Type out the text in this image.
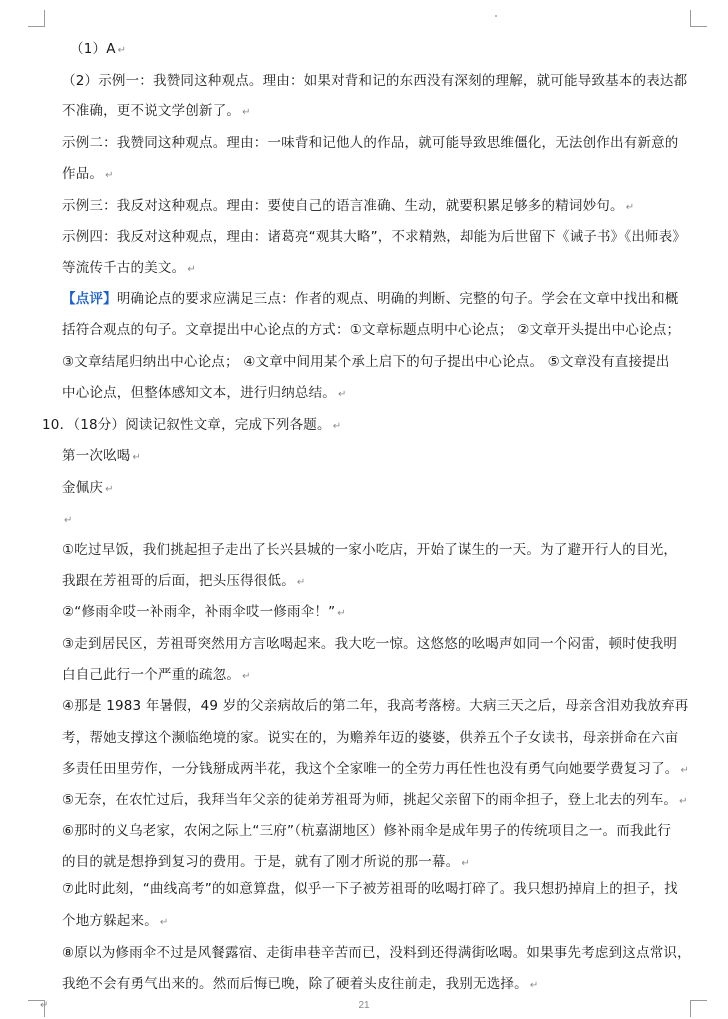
（1）A ↵
（2）示例一：我赞同这种观点。理由：如果对背和记的东西没有深刻的理解，就可能导致基本的表达都
不准确，更不说文学创新了。 ↵
示例二：我赞同这种观点。理由：一味背和记他人的作品，就可能导致思维僵化，无法创作出有新意的
作品。 ↵
示例三：我反对这种观点。理由：要使自己的语言准确、生动，就要积累足够多的精词妙句。 ↵
示例四：我反对这种观点，理由：诸葛亮“观其大略”，不求精熟，却能为后世留下《诫子书》《出师表》
等流传千古的美文。 ↵
【点评】明确论点的要求应满足三点：作者的观点、明确的判断、完整的句子。学会在文章中找出和概
括符合观点的句子。文章提出中心论点的方式：①文章标题点明中心论点； ②文章开头提出中心论点；
③文章结尾归纳出中心论点； ④文章中间用某个承上启下的句子提出中心论点。 ⑤文章没有直接提出
中心论点，但整体感知文本，进行归纳总结。 ↵
10．（18分）阅读记叙性文章，完成下列各题。 ↵
第一次吆喝 ↵
金佩庆 ↵
↵
①吃过早饭，我们挑起担子走出了长兴县城的一家小吃店，开始了谋生的一天。为了避开行人的目光，
我跟在芳祖哥的后面，把头压得很低。 ↵
②“修雨伞哎一补雨伞，补雨伞哎一修雨伞！” ↵
③走到居民区，芳祖哥突然用方言吆喝起来。我大吃一惊。这悠悠的吆喝声如同一个闷雷，顿时使我明
白自己此行一个严重的疏忽。 ↵
④那是 1983 年暑假，49 岁的父亲病故后的第二年，我高考落榜。大病三天之后，母亲含泪劝我放弃再
考，帮她支撑这个濒临绝境的家。说实在的，为赡养年迈的婆婆，供养五个子女读书，母亲拼命在六亩
多责任田里劳作，一分钱掰成两半花，我这个全家唯一的全劳力再任性也没有勇气向她要学费复习了。 ↵
⑤无奈，在农忙过后，我拜当年父亲的徒弟芳祖哥为师，挑起父亲留下的雨伞担子，登上北去的列车。 ↵
⑥那时的义乌老家，农闲之际上“三府”（杭嘉湖地区）修补雨伞是成年男子的传统项目之一。而我此行
的目的就是想挣到复习的费用。于是，就有了刚才所说的那一幕。 ↵
⑦此时此刻，“曲线高考”的如意算盘，似乎一下子被芳祖哥的吆喝打碎了。我只想扔掉肩上的担子，找
个地方躲起来。 ↵
⑧原以为修雨伞不过是风餐露宿、走街串巷辛苦而已，没料到还得满街吆喝。如果事先考虑到这点常识，
我绝不会有勇气出来的。然而后悔已晚，除了硬着头皮往前走，我别无选择。 ↵
↵	21
